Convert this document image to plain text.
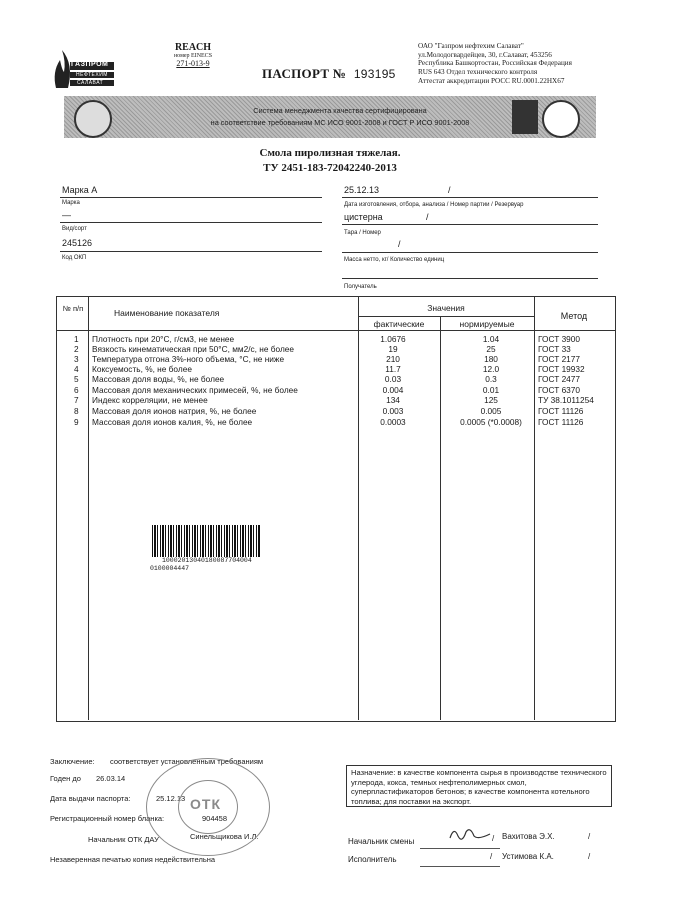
ГАЗПРОМ
НЕФТЕХИМ
САЛАВАТ
REACH
номер EINECS
271-013-9
ПАСПОРТ № 193195
ОАО "Газпром нефтехим Салават"
ул.Молодогвардейцев, 30, г.Салават, 453256
Республика Башкортостан, Российская Федерация
RUS 643 Отдел технического контроля
Аттестат аккредитации РОСС RU.0001.22НХ67
Система менеджмента качества сертифицирована
на соответствие требованиям МС ИСО 9001-2008 и ГОСТ Р ИСО 9001-2008
Смола пиролизная тяжелая.
ТУ 2451-183-72042240-2013
Марка А
Марка
—
Вид/сорт
245126
Код ОКП
25.12.13	/
Дата изготовления, отбора, анализа / Номер партии / Резервуар
цистерна	/
Тара / Номер
/
Масса нетто, кг/ Количество единиц
Получатель
№ п/п	Наименование показателя	Значения
фактические	нормируемые
Метод
1 Плотность при 20°С, г/см3, не менее	1.0676	1.04	ГОСТ 3900
2 Вязкость кинематическая при 50°С, мм2/с, не более	19	25	ГОСТ 33
3 Температура отгона 3%-ного объема, °С, не ниже	210	180	ГОСТ 2177
4 Коксуемость, %, не более	11.7	12.0	ГОСТ 19932
5 Массовая доля воды, %, не более	0.03	0.3	ГОСТ 2477
6 Массовая доля механических примесей, %, не более	0.004	0.01	ГОСТ 6370
7 Индекс корреляции, не менее	134	125	ТУ 38.1011254
8 Массовая доля ионов натрия, %, не более	0.003	0.005	ГОСТ 11126
9 Массовая доля ионов калия, %, не более	0.0003	0.0005 (*0.0008)	ГОСТ 11126
10002013040180087704004
0100004447
Заключение: соответствует установленным требованиям
Годен до 26.03.14
Дата выдачи паспорта:	25.12.13
Регистрационный номер бланка:	904458
Начальник ОТК ДАУ	Синельщикова И.Л.
Незаверенная печатью копия недействительна
ОТК
Назначение: в качестве компонента сырья в производстве технического углерода, кокса, темных нефтеполимерных смол, суперпластификаторов бетонов; в качестве компонента котельного топлива; для поставки на экспорт.
Начальник смены	/ Вахитова Э.Х.	/
Исполнитель	/ Устимова К.А.	/
